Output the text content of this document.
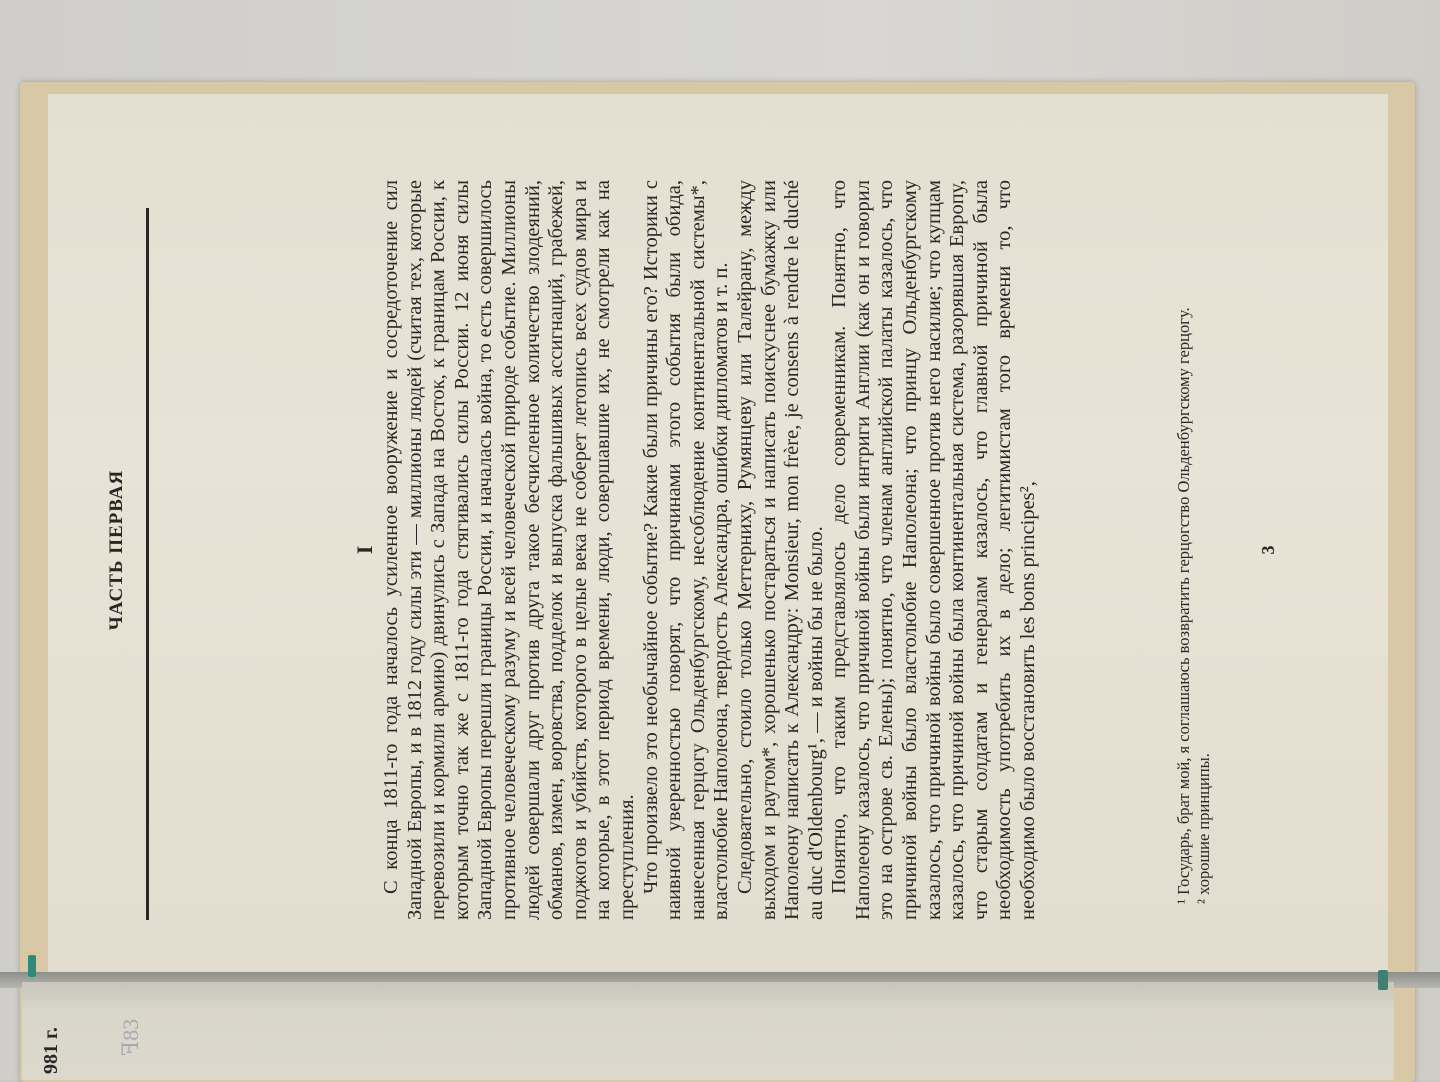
ЧАСТЬ ПЕРВАЯ	I С конца 1811-го года началось усиленное вооружение и сосредоточение сил Западной Европы, и в 1812 году силы эти — миллионы людей (считая тех, которые перевозили и кормили армию) двинулись с Запада на Восток, к границам России, к которым точно так же с 1811-го года стягивались силы России. 12 июня силы Западной Европы перешли границы России, и началась война, то есть совершилось противное человеческому разуму и всей человеческой природе событие. Миллионы людей совершали друг против друга такое бесчисленное количество злодеяний, обманов, измен, воровства, подделок и выпуска фальшивых ассигнаций, грабежей, поджогов и убийств, которого в целые века не соберет летопись всех судов мира и на которые, в этот период времени, люди, совершавшие их, не смотрели как на преступления. Что произвело это необычайное событие? Какие были причины его? Историки с наивной уверенностью говорят, что причинами этого события были обида, нанесенная герцогу Ольденбургскому, несоблюдение континентальной системы*, властолюбие Наполеона, твердость Александра, ошибки дипломатов и т. п. Следовательно, стоило только Меттерниху, Румянцеву или Талейрану, между выходом и раутом*, хорошенько постараться и написать поискуснее бумажку или Наполеону написать к Александру: Monsieur, mon frère, je consens à rendre le duché au duc d'Oldenbourg¹, — и войны бы не было. Понятно, что таким представлялось дело современникам. Понятно, что Наполеону казалось, что причиной войны были интриги Англии (как он и говорил это на острове св. Елены); понятно, что членам английской палаты казалось, что причиной войны было властолюбие Наполеона; что принцу Ольденбургскому казалось, что причиной войны было совершенное против него насилие; что купцам казалось, что причиной войны была континентальная система, разорявшая Европу, что старым солдатам и генералам казалось, что главной причиной была необходимость употребить их в дело; легитимистам того времени то, что необходимо было восстановить les bons principes²,	¹ Государь, брат мой, я соглашаюсь возвратить герцогство Ольденбургскому герцогу. ² хорошие принципы.
3
981 г.	ꟻ83
